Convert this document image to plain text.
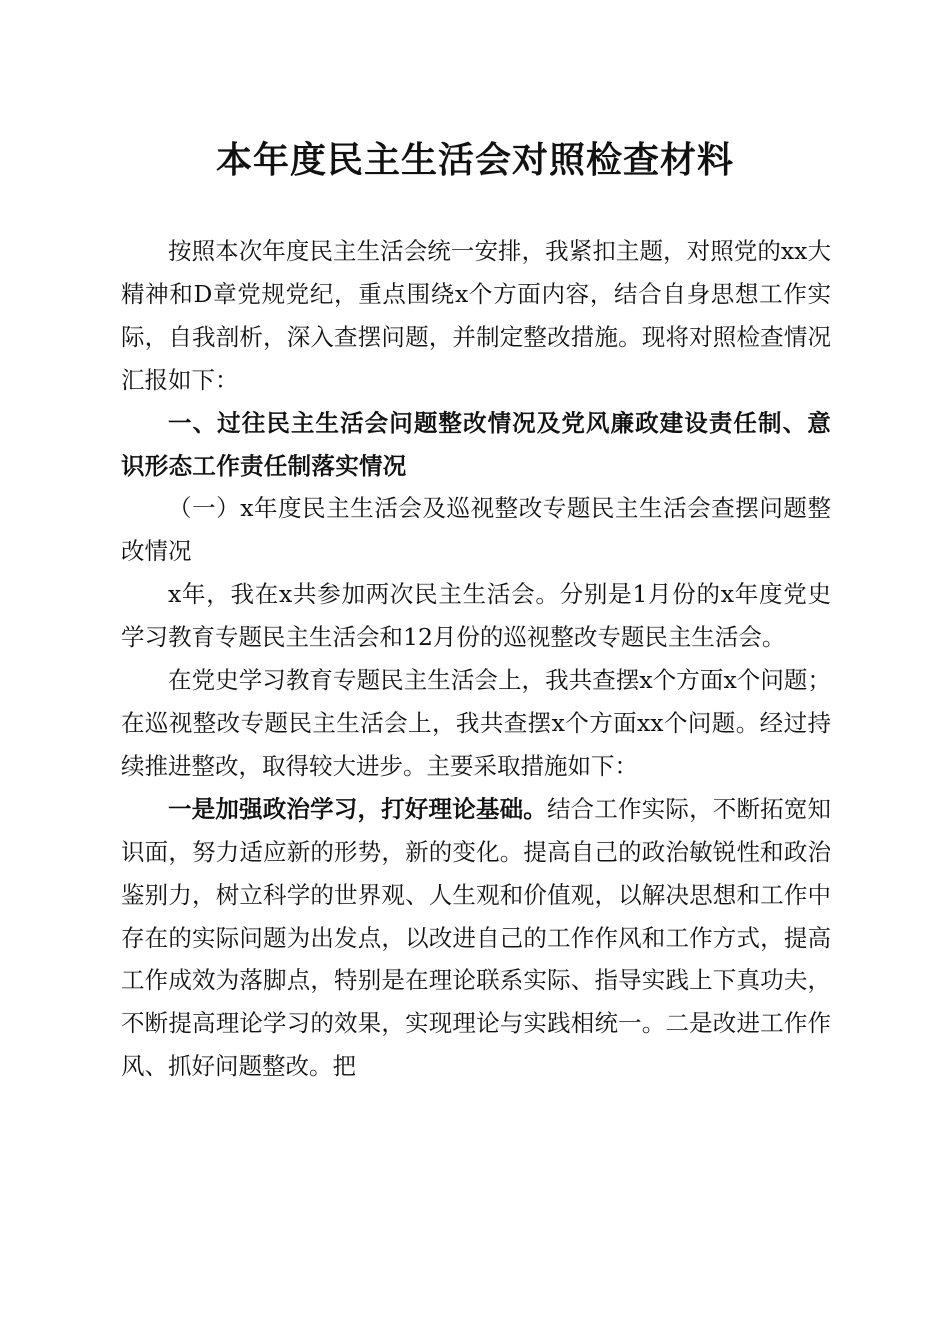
本年度民主生活会对照检查材料

按照本次年度民主生活会统一安排，我紧扣主题，对照党的xx大精神和D章党规党纪，重点围绕x个方面内容，结合自身思想工作实际，自我剖析，深入查摆问题，并制定整改措施。现将对照检查情况汇报如下：

一、过往民主生活会问题整改情况及党风廉政建设责任制、意识形态工作责任制落实情况

（一）x年度民主生活会及巡视整改专题民主生活会查摆问题整改情况

x年，我在x共参加两次民主生活会。分别是1月份的x年度党史学习教育专题民主生活会和12月份的巡视整改专题民主生活会。

在党史学习教育专题民主生活会上，我共查摆x个方面x个问题；在巡视整改专题民主生活会上，我共查摆x个方面xx个问题。经过持续推进整改，取得较大进步。主要采取措施如下：

一是加强政治学习，打好理论基础。结合工作实际，不断拓宽知识面，努力适应新的形势，新的变化。提高自己的政治敏锐性和政治鉴别力，树立科学的世界观、人生观和价值观，以解决思想和工作中存在的实际问题为出发点，以改进自己的工作作风和工作方式，提高工作成效为落脚点，特别是在理论联系实际、指导实践上下真功夫，不断提高理论学习的效果，实现理论与实践相统一。二是改进工作作风、抓好问题整改。把
